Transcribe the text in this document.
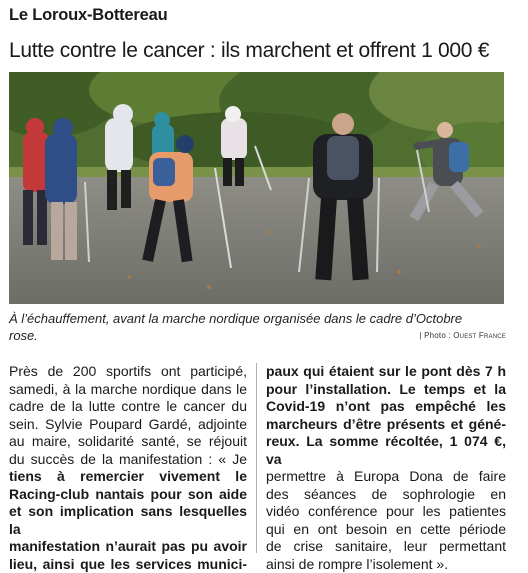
Le Loroux-Bottereau
Lutte contre le cancer : ils marchent et offrent 1 000 €
À l’échauffement, avant la marche nordique organisée dans le cadre d’Octobre
rose.	| Photo : Ouest France
Près de 200 sportifs ont participé,
samedi, à la marche nordique dans le
cadre de la lutte contre le cancer du
sein. Sylvie Poupard Gardé, adjointe
au maire, solidarité santé, se réjouit
du succès de la manifestation : « Je
tiens à remercier vivement le
Racing-club nantais pour son aide
et son implication sans lesquelles la
manifestation n’aurait pas pu avoir
lieu, ainsi que les services munici-
paux qui étaient sur le pont dès 7 h
pour l’installation. Le temps et la
Covid-19 n’ont pas empêché les
marcheurs d’être présents et géné-
reux. La somme récoltée, 1 074 €, va
permettre à Europa Dona de faire
des séances de sophrologie en
vidéo conférence pour les patientes
qui en ont besoin en cette période
de crise sanitaire, leur permettant
ainsi de rompre l’isolement ».
